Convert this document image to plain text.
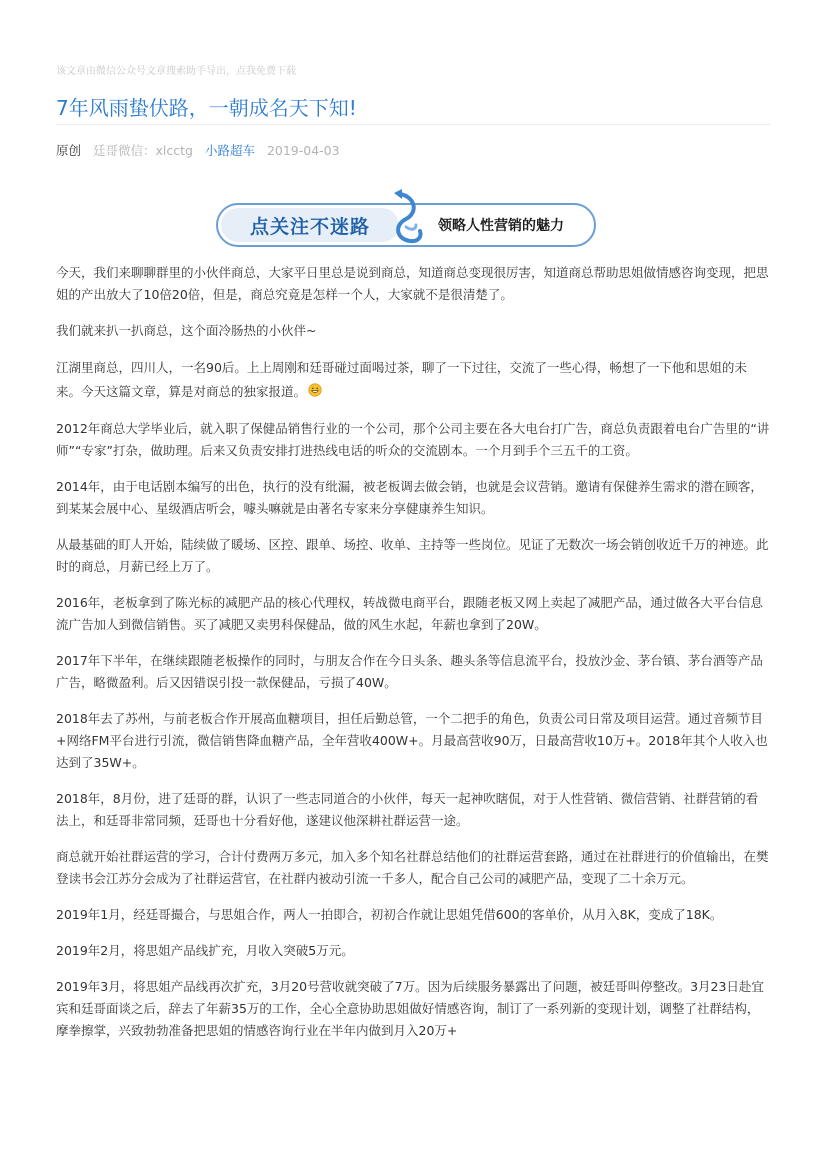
该文章由微信公众号文章搜索助手导出，点我免费下载
7年风雨蛰伏路，一朝成名天下知!
原创 廷哥微信：xlcctg 小路超车 2019-04-03
点关注不迷路	领略人性营销的魅力

今天，我们来聊聊群里的小伙伴商总，大家平日里总是说到商总，知道商总变现很厉害，知道商总帮助思姐做情感咨询变现，把思姐的产出放大了10倍20倍，但是，商总究竟是怎样一个人，大家就不是很清楚了。

我们就来扒一扒商总，这个面冷肠热的小伙伴~

江湖里商总，四川人，一名90后。上上周刚和廷哥碰过面喝过茶，聊了一下过往，交流了一些心得，畅想了一下他和思姐的未来。今天这篇文章，算是对商总的独家报道。

2012年商总大学毕业后，就入职了保健品销售行业的一个公司，那个公司主要在各大电台打广告，商总负责跟着电台广告里的“讲师”“专家”打杂，做助理。后来又负责安排打进热线电话的听众的交流剧本。一个月到手个三五千的工资。

2014年，由于电话剧本编写的出色，执行的没有纰漏，被老板调去做会销，也就是会议营销。邀请有保健养生需求的潜在顾客，到某某会展中心、星级酒店听会，噱头嘛就是由著名专家来分享健康养生知识。

从最基础的盯人开始，陆续做了暖场、区控、跟单、场控、收单、主持等一些岗位。见证了无数次一场会销创收近千万的神迹。此时的商总，月薪已经上万了。

2016年，老板拿到了陈光标的减肥产品的核心代理权，转战微电商平台，跟随老板又网上卖起了减肥产品，通过做各大平台信息流广告加人到微信销售。买了减肥又卖男科保健品，做的风生水起，年薪也拿到了20W。

2017年下半年，在继续跟随老板操作的同时，与朋友合作在今日头条、趣头条等信息流平台，投放沙金、茅台镇、茅台酒等产品广告，略微盈利。后又因错误引投一款保健品，亏损了40W。

2018年去了苏州，与前老板合作开展高血糖项目，担任后勤总管，一个二把手的角色，负责公司日常及项目运营。通过音频节目+网络FM平台进行引流，微信销售降血糖产品，全年营收400W+。月最高营收90万，日最高营收10万+。2018年其个人收入也达到了35W+。

2018年，8月份，进了廷哥的群，认识了一些志同道合的小伙伴，每天一起神吹瞎侃，对于人性营销、微信营销、社群营销的看法上，和廷哥非常同频，廷哥也十分看好他，遂建议他深耕社群运营一途。

商总就开始社群运营的学习，合计付费两万多元，加入多个知名社群总结他们的社群运营套路，通过在社群进行的价值输出，在樊登读书会江苏分会成为了社群运营官，在社群内被动引流一千多人，配合自己公司的减肥产品，变现了二十余万元。

2019年1月，经廷哥撮合，与思姐合作，两人一拍即合，初初合作就让思姐凭借600的客单价，从月入8K，变成了18K。

2019年2月，将思姐产品线扩充，月收入突破5万元。

2019年3月，将思姐产品线再次扩充，3月20号营收就突破了7万。因为后续服务暴露出了问题，被廷哥叫停整改。3月23日赴宜宾和廷哥面谈之后，辞去了年薪35万的工作，全心全意协助思姐做好情感咨询，制订了一系列新的变现计划，调整了社群结构，摩拳擦掌，兴致勃勃准备把思姐的情感咨询行业在半年内做到月入20万+
